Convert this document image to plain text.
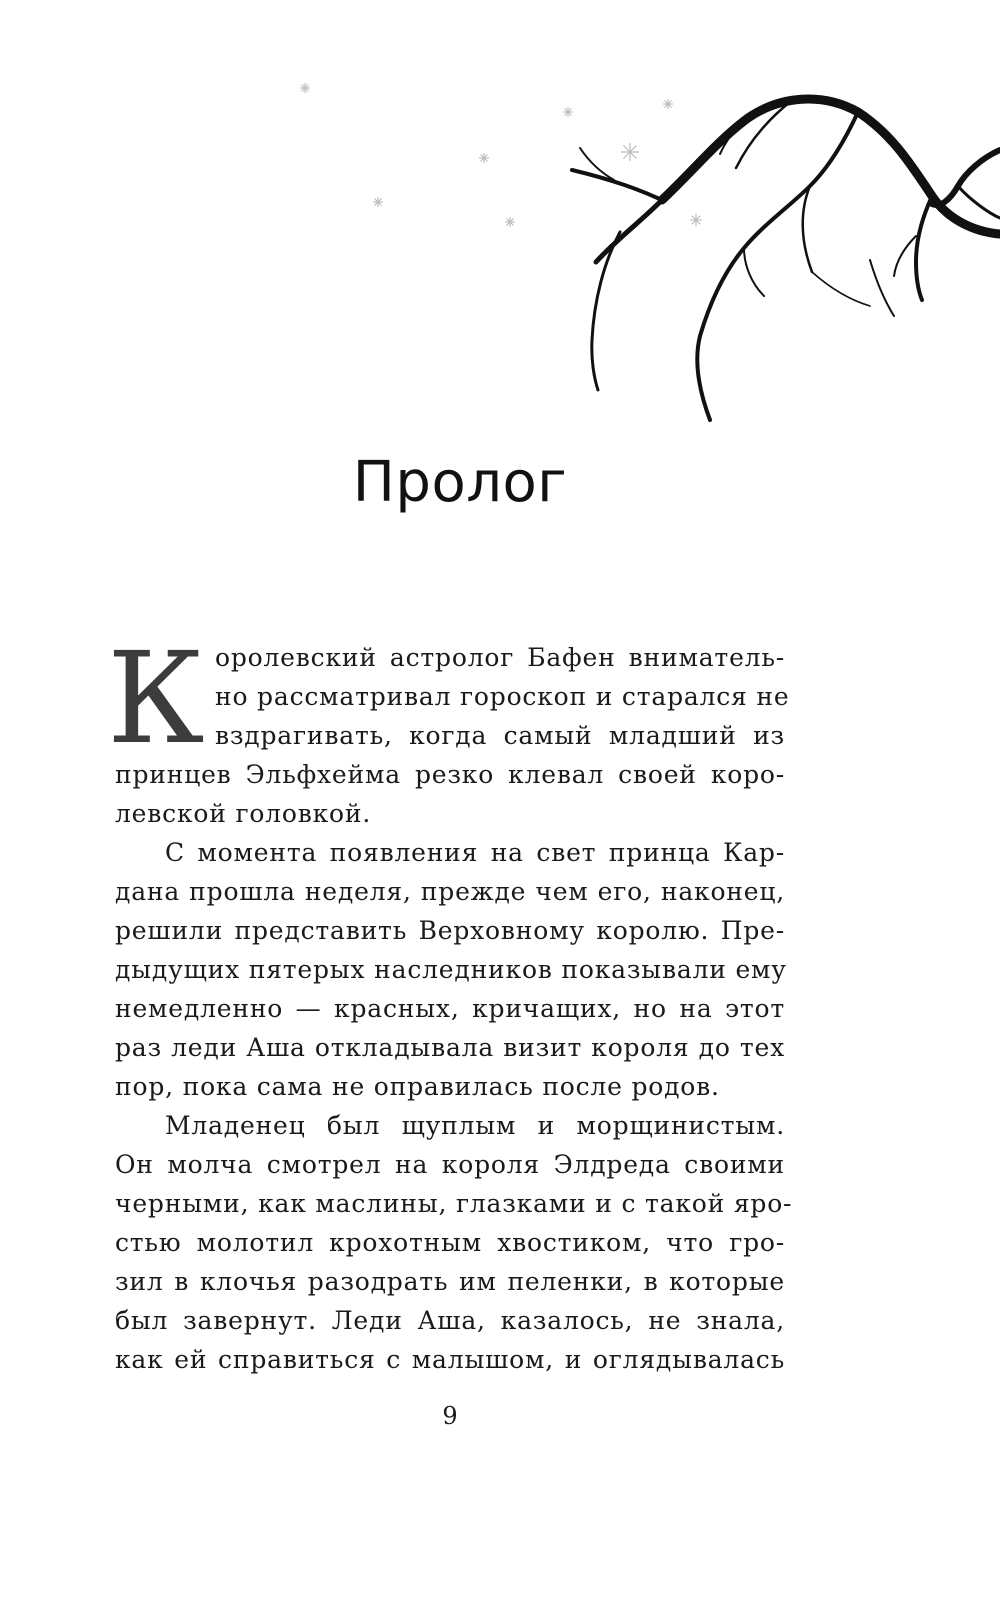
Пролог
К оролевский астролог Бафен вниматель-
но рассматривал гороскоп и старался не
вздрагивать, когда самый младший из
принцев Эльфхейма резко клевал своей коро-
левской головкой.
С момента появления на свет принца Кар-
дана прошла неделя, прежде чем его, наконец,
решили представить Верховному королю. Пре-
дыдущих пятерых наследников показывали ему
немедленно — красных, кричащих, но на этот
раз леди Аша откладывала визит короля до тех
пор, пока сама не оправилась после родов.
Младенец был щуплым и морщинистым.
Он молча смотрел на короля Элдреда своими
черными, как маслины, глазками и с такой яро-
стью молотил крохотным хвостиком, что гро-
зил в клочья разодрать им пеленки, в которые
был завернут. Леди Аша, казалось, не знала,
как ей справиться с малышом, и оглядывалась
9
